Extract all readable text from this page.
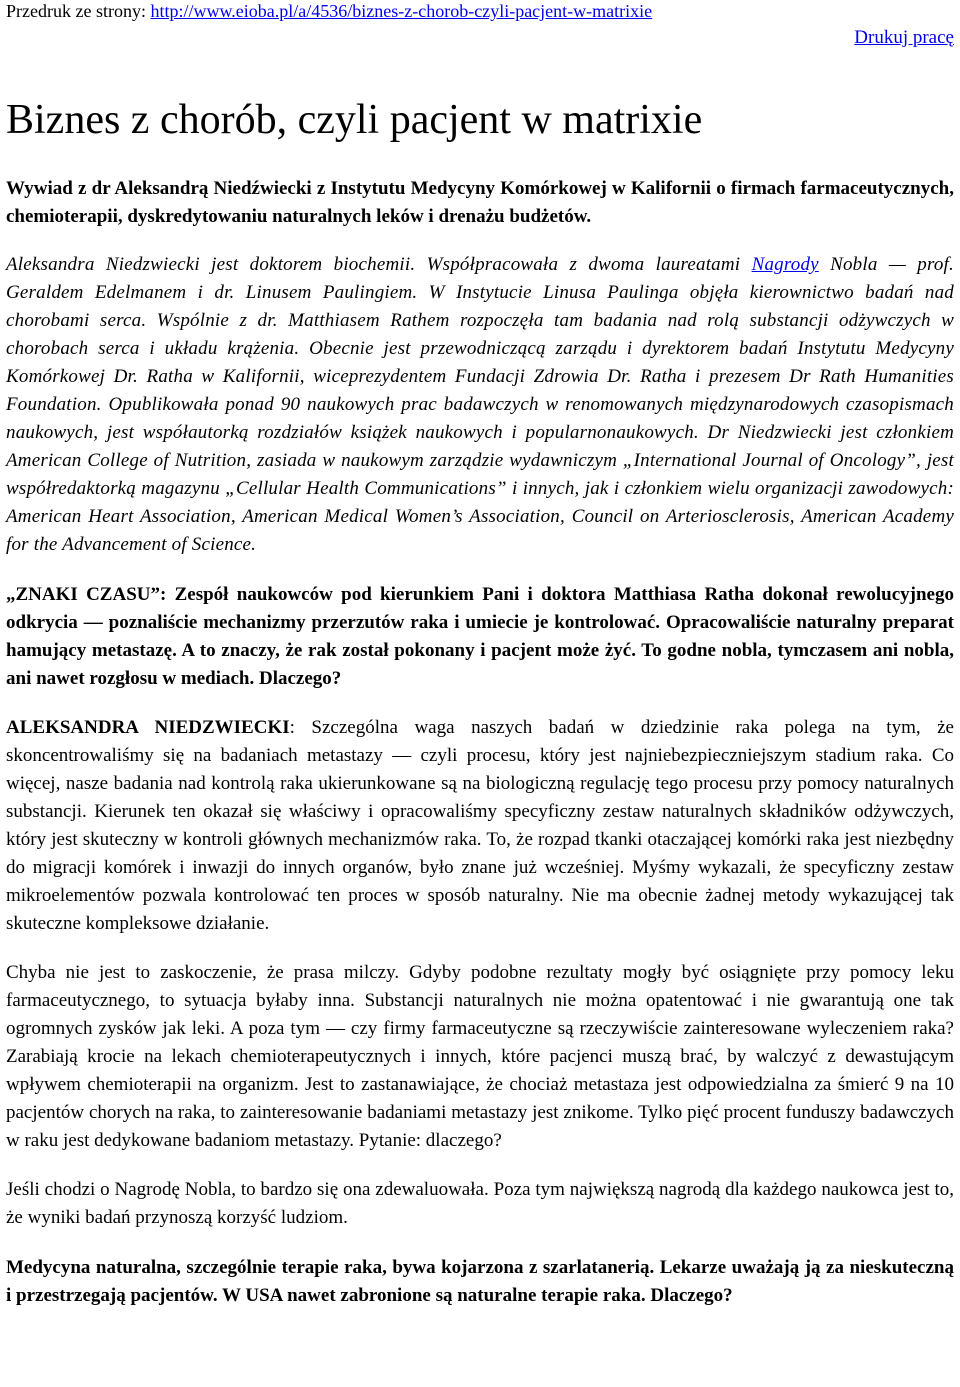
Przedruk ze strony: http://www.eioba.pl/a/4536/biznes-z-chorob-czyli-pacjent-w-matrixie
Drukuj pracę
Biznes z chorób, czyli pacjent w matrixie

Wywiad z dr Aleksandrą Niedźwiecki z Instytutu Medycyny Komórkowej w Kalifornii o firmach farmaceutycznych, chemioterapii, dyskredytowaniu naturalnych leków i drenażu budżetów.

Aleksandra Niedzwiecki jest doktorem biochemii. Współpracowała z dwoma laureatami Nagrody Nobla — prof. Geraldem Edelmanem i dr. Linusem Paulingiem. W Instytucie Linusa Paulinga objęła kierownictwo badań nad chorobami serca. Wspólnie z dr. Matthiasem Rathem rozpoczęła tam badania nad rolą substancji odżywczych w chorobach serca i układu krążenia. Obecnie jest przewodniczącą zarządu i dyrektorem badań Instytutu Medycyny Komórkowej Dr. Ratha w Kalifornii, wiceprezydentem Fundacji Zdrowia Dr. Ratha i prezesem Dr Rath Humanities Foundation. Opublikowała ponad 90 naukowych prac badawczych w renomowanych międzynarodowych czasopismach naukowych, jest współautorką rozdziałów książek naukowych i popularnonaukowych. Dr Niedzwiecki jest członkiem American College of Nutrition, zasiada w naukowym zarządzie wydawniczym „International Journal of Oncology”, jest współredaktorką magazynu „Cellular Health Communications” i innych, jak i członkiem wielu organizacji zawodowych: American Heart Association, American Medical Women’s Association, Council on Arteriosclerosis, American Academy for the Advancement of Science.

„ZNAKI CZASU”: Zespół naukowców pod kierunkiem Pani i doktora Matthiasa Ratha dokonał rewolucyjnego odkrycia — poznaliście mechanizmy przerzutów raka i umiecie je kontrolować. Opracowaliście naturalny preparat hamujący metastazę. A to znaczy, że rak został pokonany i pacjent może żyć. To godne nobla, tymczasem ani nobla, ani nawet rozgłosu w mediach. Dlaczego?

ALEKSANDRA NIEDZWIECKI: Szczególna waga naszych badań w dziedzinie raka polega na tym, że skoncentrowaliśmy się na badaniach metastazy — czyli procesu, który jest najniebezpieczniejszym stadium raka. Co więcej, nasze badania nad kontrolą raka ukierunkowane są na biologiczną regulację tego procesu przy pomocy naturalnych substancji. Kierunek ten okazał się właściwy i opracowaliśmy specyficzny zestaw naturalnych składników odżywczych, który jest skuteczny w kontroli głównych mechanizmów raka. To, że rozpad tkanki otaczającej komórki raka jest niezbędny do migracji komórek i inwazji do innych organów, było znane już wcześniej. Myśmy wykazali, że specyficzny zestaw mikroelementów pozwala kontrolować ten proces w sposób naturalny. Nie ma obecnie żadnej metody wykazującej tak skuteczne kompleksowe działanie.

Chyba nie jest to zaskoczenie, że prasa milczy. Gdyby podobne rezultaty mogły być osiągnięte przy pomocy leku farmaceutycznego, to sytuacja byłaby inna. Substancji naturalnych nie można opatentować i nie gwarantują one tak ogromnych zysków jak leki. A poza tym — czy firmy farmaceutyczne są rzeczywiście zainteresowane wyleczeniem raka? Zarabiają krocie na lekach chemioterapeutycznych i innych, które pacjenci muszą brać, by walczyć z dewastującym wpływem chemioterapii na organizm. Jest to zastanawiające, że chociaż metastaza jest odpowiedzialna za śmierć 9 na 10 pacjentów chorych na raka, to zainteresowanie badaniami metastazy jest znikome. Tylko pięć procent funduszy badawczych w raku jest dedykowane badaniom metastazy. Pytanie: dlaczego?

Jeśli chodzi o Nagrodę Nobla, to bardzo się ona zdewaluowała. Poza tym największą nagrodą dla każdego naukowca jest to, że wyniki badań przynoszą korzyść ludziom.

Medycyna naturalna, szczególnie terapie raka, bywa kojarzona z szarlatanerią. Lekarze uważają ją za nieskuteczną i przestrzegają pacjentów. W USA nawet zabronione są naturalne terapie raka. Dlaczego?
